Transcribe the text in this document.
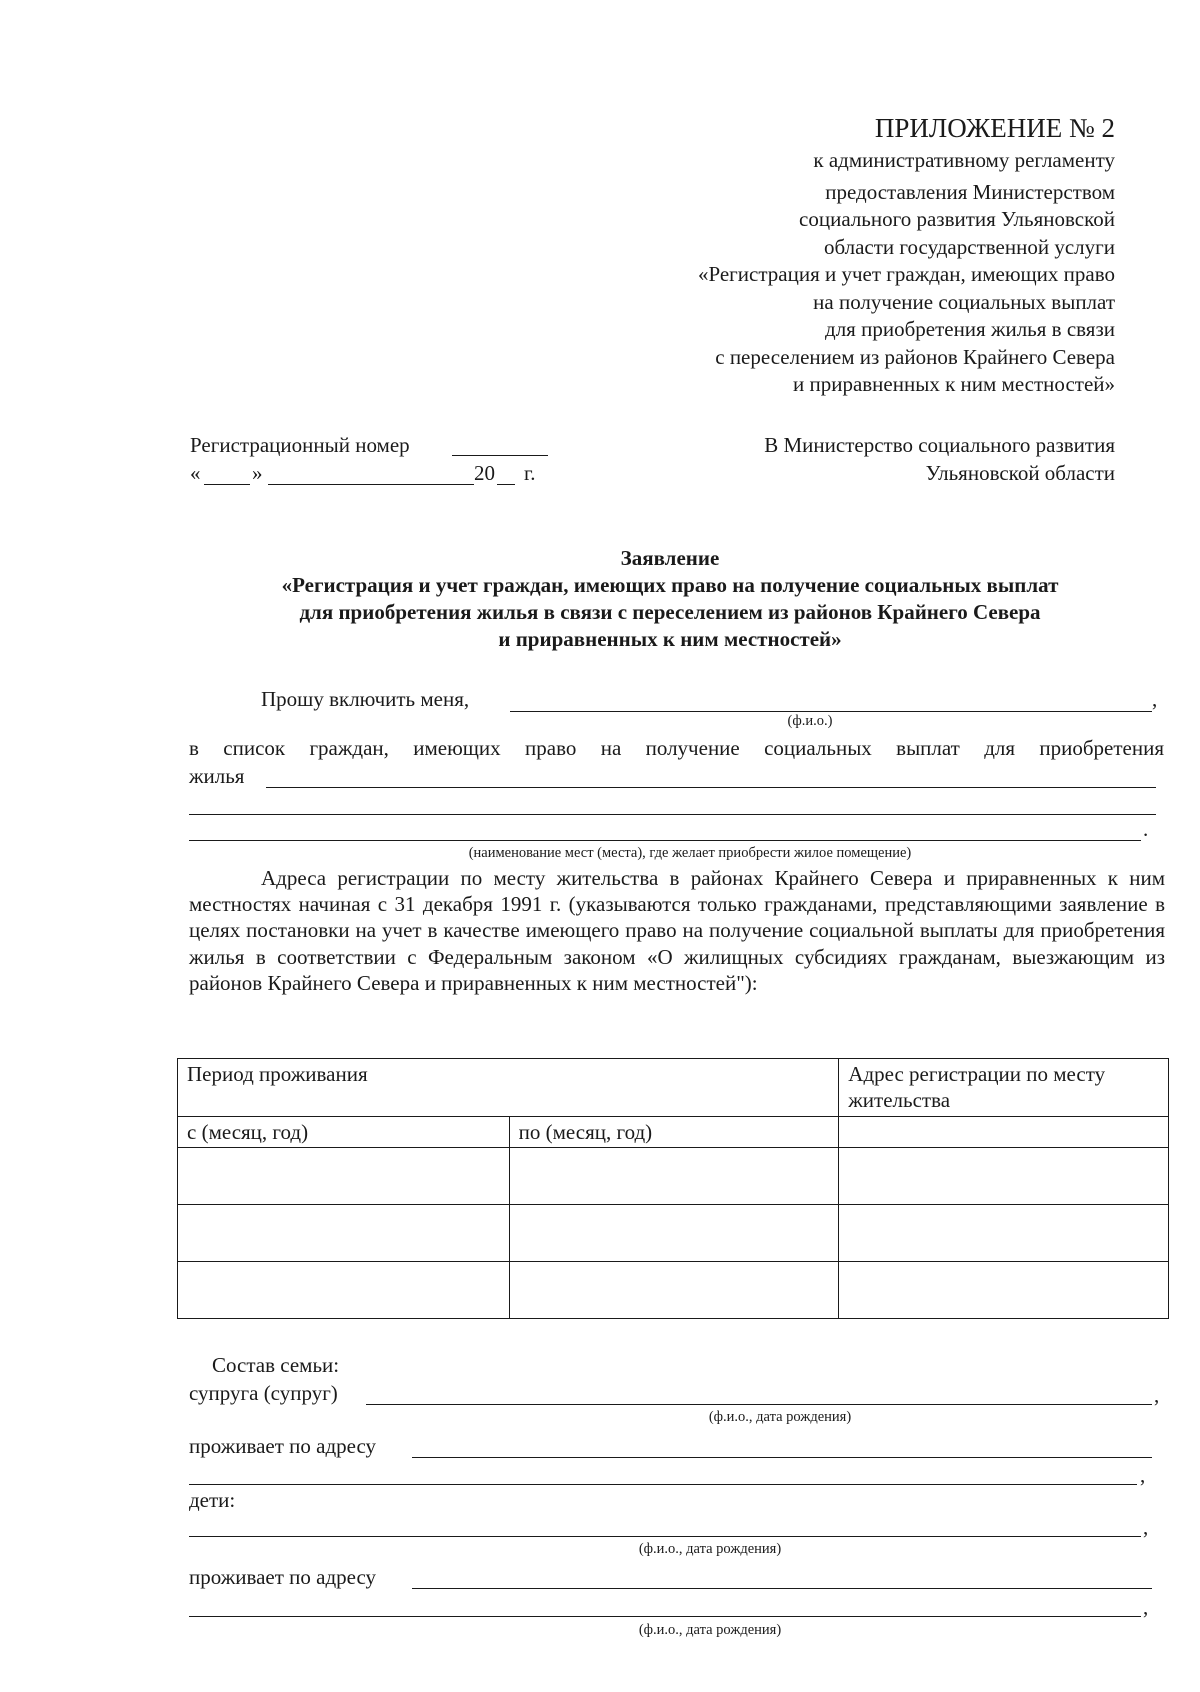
ПРИЛОЖЕНИЕ № 2
к административному регламенту
предоставления Министерством
социального развития Ульяновской
области государственной услуги
«Регистрация и учет граждан, имеющих право
на получение социальных выплат
для приобретения жилья в связи
с переселением из районов Крайнего Севера
и приравненных к ним местностей»
Регистрационный номер
« »	20 г.
В Министерство социального развития
Ульяновской области
Заявление
«Регистрация и учет граждан, имеющих право на получение социальных выплат
для приобретения жилья в связи с переселением из районов Крайнего Севера
и приравненных к ним местностей»
Прошу включить меня,	,
(ф.и.о.)
в список граждан, имеющих право на получение социальных выплат для приобретения
жилья
.
(наименование мест (места), где желает приобрести жилое помещение)
Адреса регистрации по месту жительства в районах Крайнего Севера и приравненных к ним местностях начиная с 31 декабря 1991 г. (указываются только гражданами, представляющими заявление в целях постановки на учет в качестве имеющего право на получение социальной выплаты для приобретения жилья в соответствии с Федеральным законом «О жилищных субсидиях гражданам, выезжающим из районов Крайнего Севера и приравненных к ним местностей"):
Период проживания		Адрес регистрации по месту жительства
с (месяц, год)	по (месяц, год)	

Состав семьи:
супруга (супруг)	,
(ф.и.о., дата рождения)
проживает по адресу
,
дети:
,
(ф.и.о., дата рождения)
проживает по адресу
,
(ф.и.о., дата рождения)
